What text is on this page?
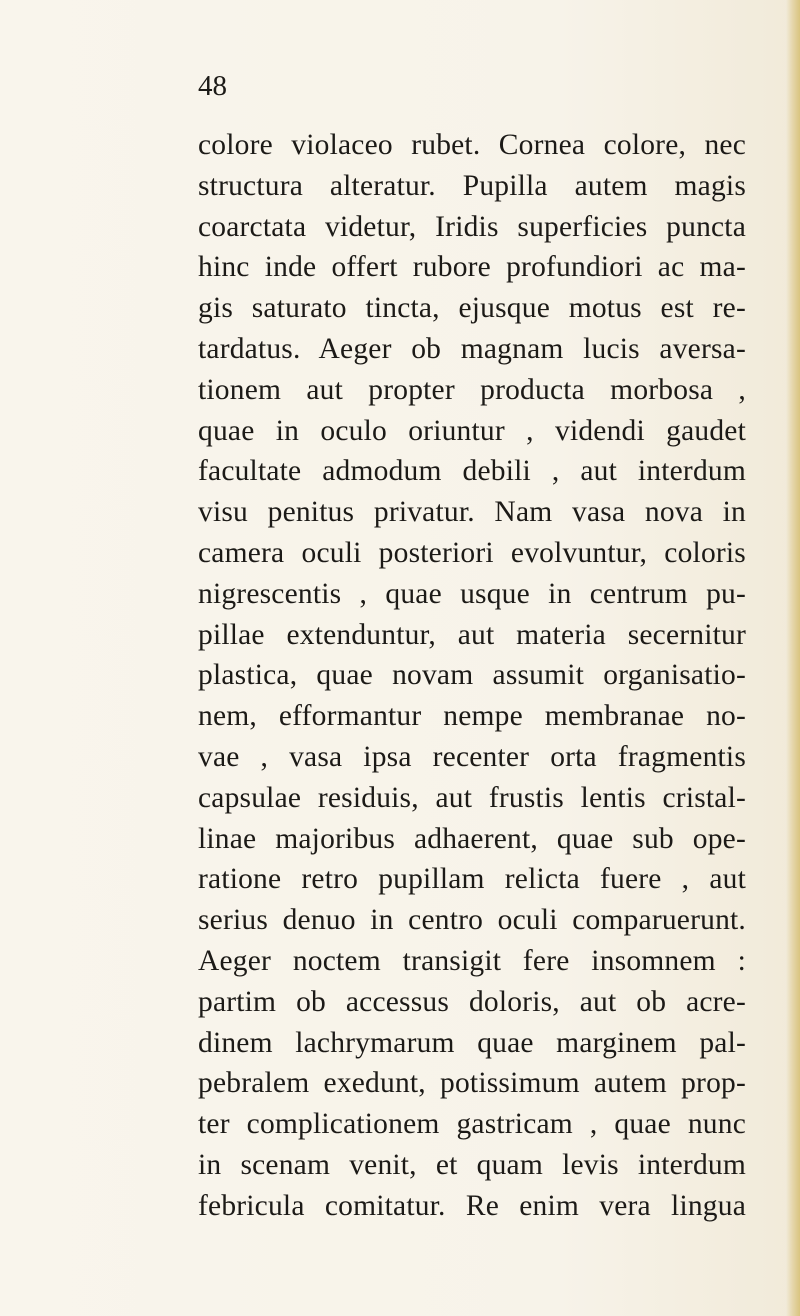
48

colore violaceo rubet. Cornea colore, nec
structura alteratur. Pupilla autem magis
coarctata videtur, Iridis superficies puncta
hinc inde offert rubore profundiori ac ma-
gis saturato tincta, ejusque motus est re-
tardatus. Aeger ob magnam lucis aversa-
tionem aut propter producta morbosa ,
quae in oculo oriuntur , videndi gaudet
facultate admodum debili , aut interdum
visu penitus privatur. Nam vasa nova in
camera oculi posteriori evolvuntur, coloris
nigrescentis , quae usque in centrum pu-
pillae extenduntur, aut materia secernitur
plastica, quae novam assumit organisatio-
nem, efformantur nempe membranae no-
vae , vasa ipsa recenter orta fragmentis
capsulae residuis, aut frustis lentis cristal-
linae majoribus adhaerent, quae sub ope-
ratione retro pupillam relicta fuere , aut
serius denuo in centro oculi comparuerunt.
Aeger noctem transigit fere insomnem :
partim ob accessus doloris, aut ob acre-
dinem lachrymarum quae marginem pal-
pebralem exedunt, potissimum autem prop-
ter complicationem gastricam , quae nunc
in scenam venit, et quam levis interdum
febricula comitatur. Re enim vera lingua
